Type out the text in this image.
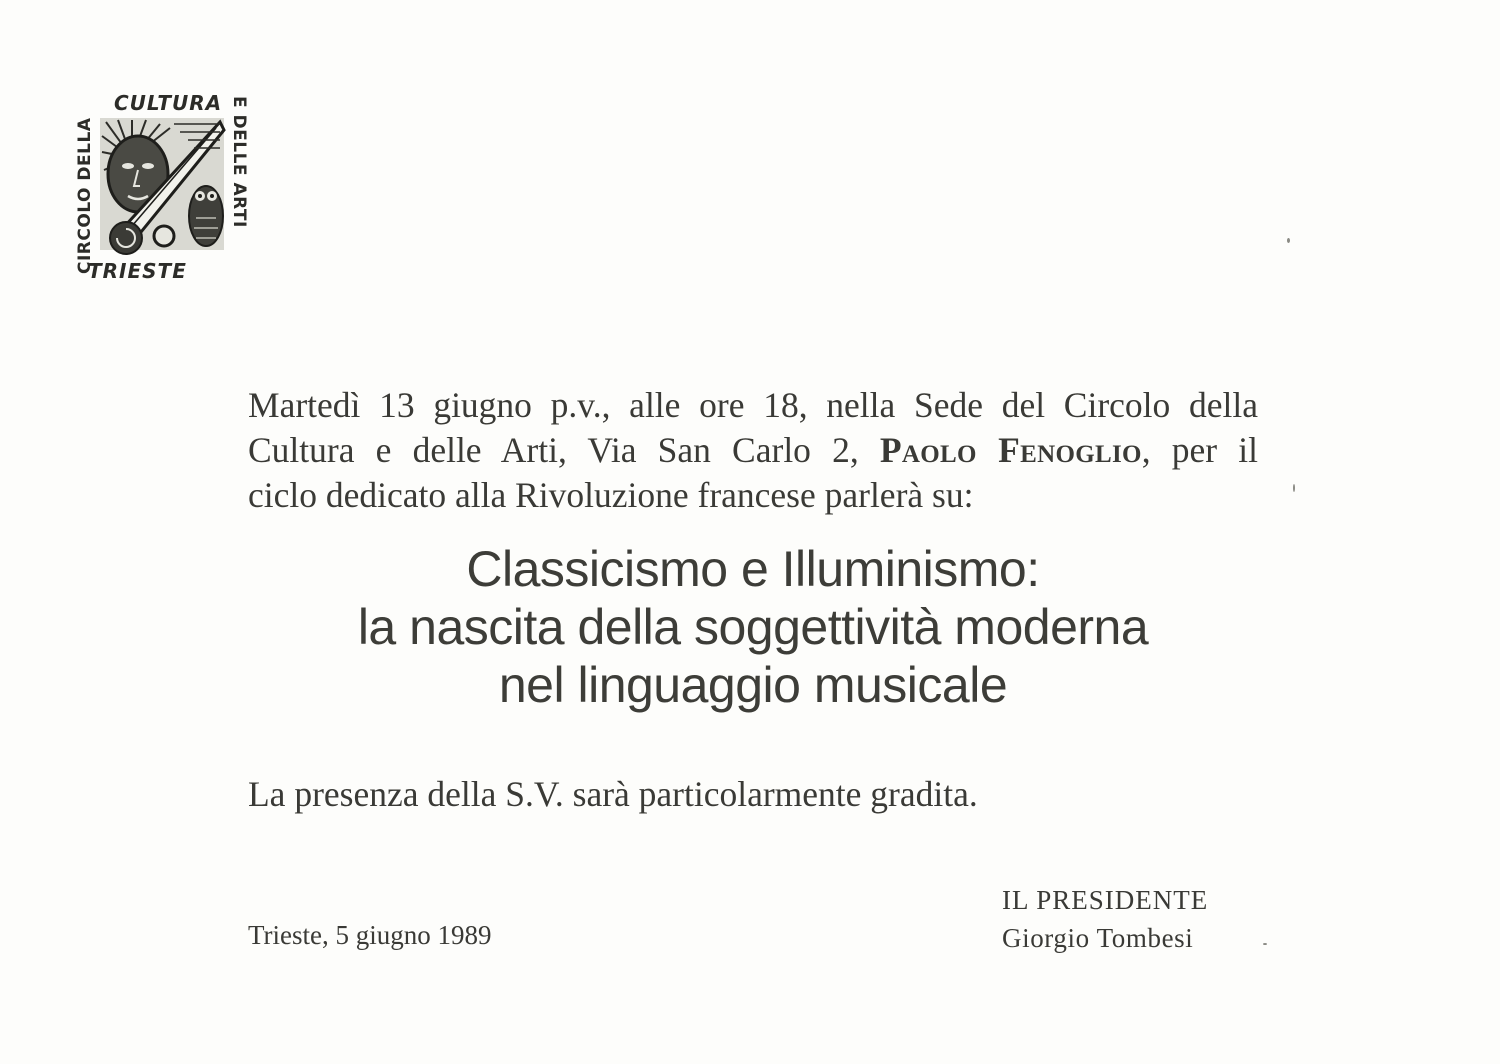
CIRCOLO DELLA
CULTURA E DELLE ARTI
TRIESTE
Martedì 13 giugno p.v., alle ore 18, nella Sede del Circolo della
Cultura e delle Arti, Via San Carlo 2, Paolo Fenoglio, per il
ciclo dedicato alla Rivoluzione francese parlerà su:
Classicismo e Illuminismo:
la nascita della soggettività moderna
nel linguaggio musicale
La presenza della S.V. sarà particolarmente gradita.
Trieste, 5 giugno 1989
IL PRESIDENTE
Giorgio Tombesi
